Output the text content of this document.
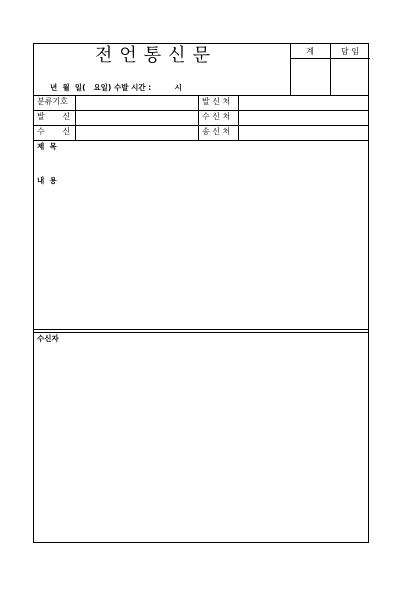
전언통신문	계	담 임
년  월  일(   요일) 수발 시간 :         시
분류기호	발 신 처
발       신	수 신 처
수       신	송 신 처
제  목
내  용
수신자
